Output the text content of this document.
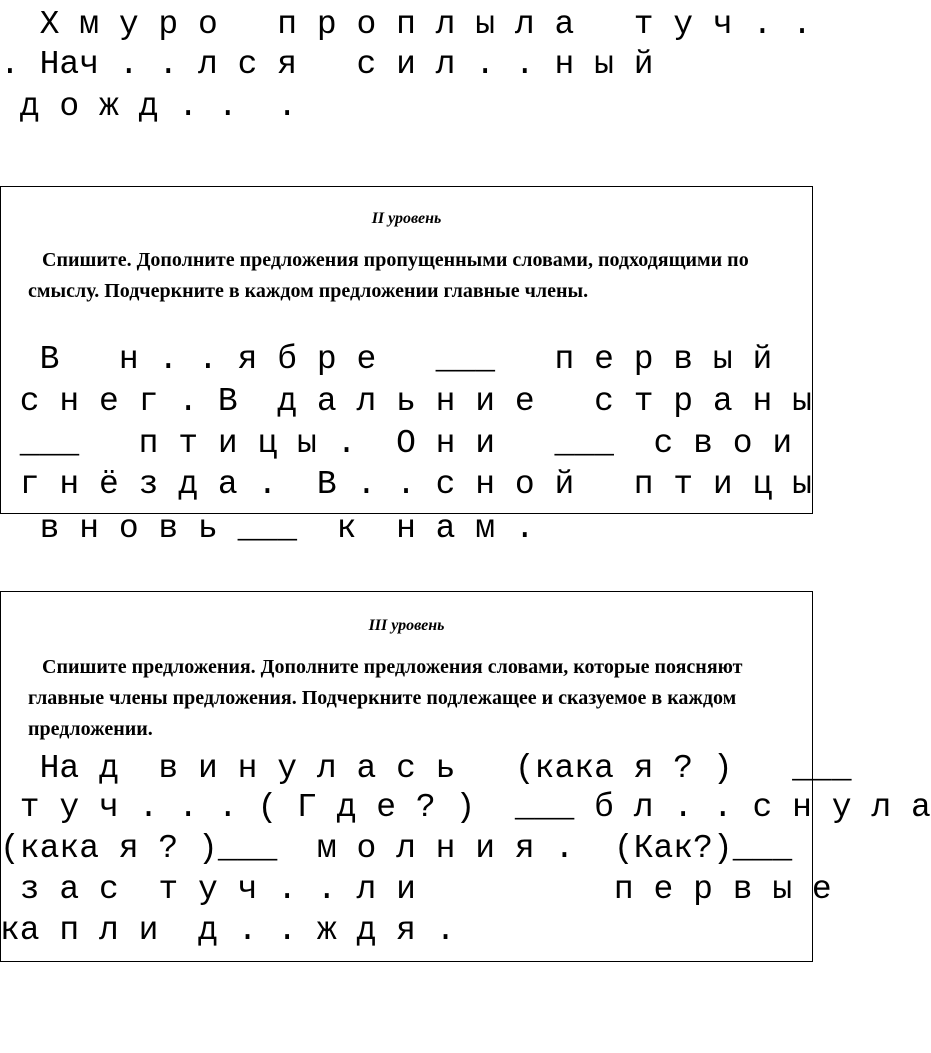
Х м у р о   п р о п л ы л а   т у ч . .
. Нач . . л с я   с и л . . н ы й
д о ж д . .  .
II уровень

Спишите. Дополните предложения пропущенными словами, подходящими по смыслу. Подчеркните в каждом предложении главные члены.

В   н . . я б р е   ___   п е р в ы й
с н е г . В  д а л ь н и е   с т р а н ы
___   п т и ц ы .  О н и   ___  с в о и
г н ё з д а .  В . . с н о й   п т и ц ы
в н о в ь ___  к  н а м .
III уровень

Спишите предложения. Дополните предложения словами, которые поясняют главные члены предложения. Подчеркните подлежащее и сказуемое в каждом предложении.

На д  в и н у л а с ь   (кака я ? )   ___
т у ч . . . ( Г д е ? )  ___ б л . . с н у л а
(кака я ? )___  м о л н и я .  (Как?)___
з а с  т у ч . . л и          п е р в ы е
ка п л и  д . . ж д я .
